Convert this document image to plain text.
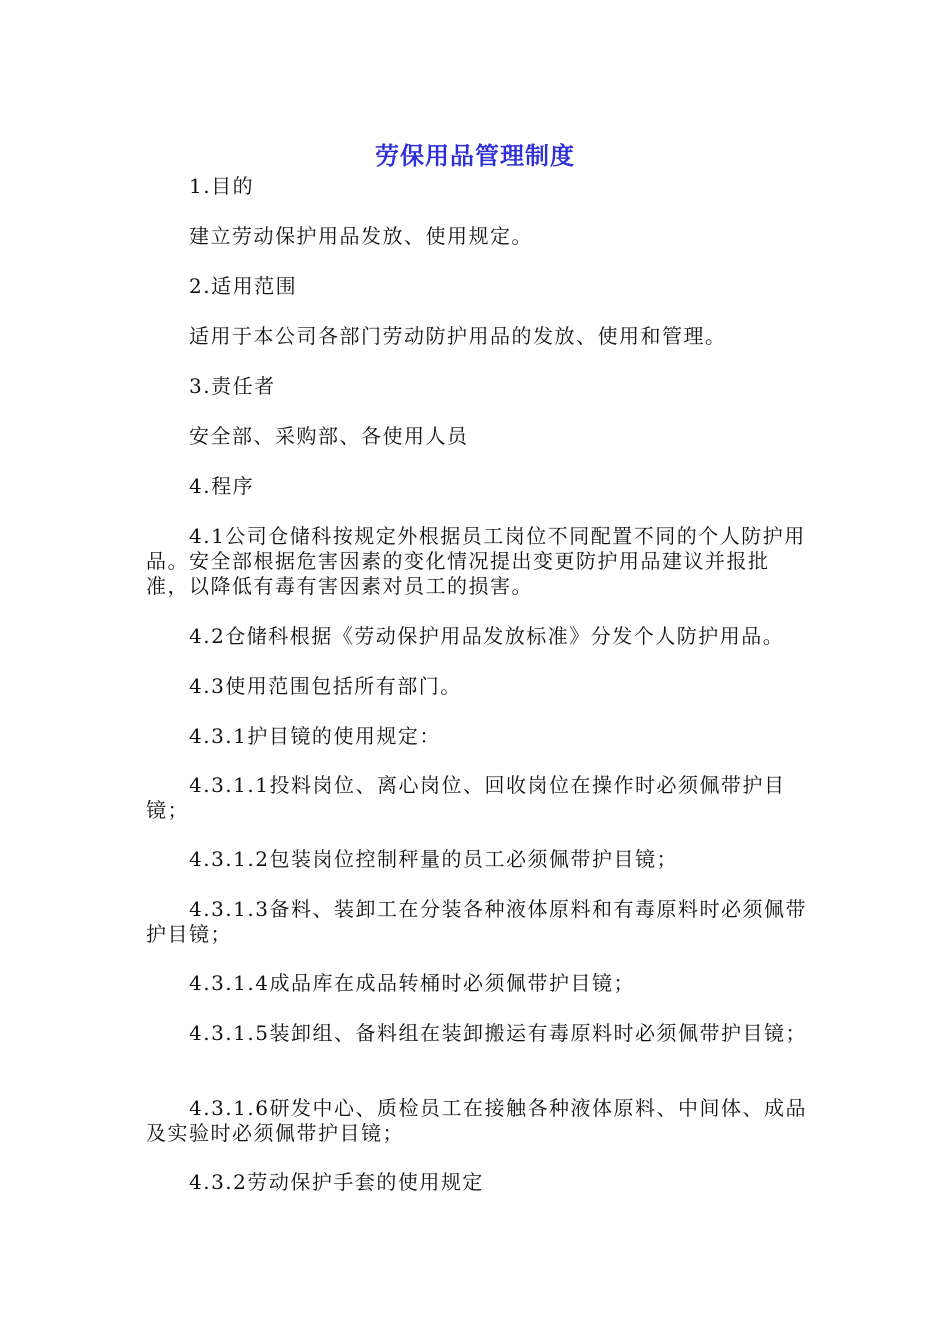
劳保用品管理制度

1.目的

建立劳动保护用品发放、使用规定。

2.适用范围

适用于本公司各部门劳动防护用品的发放、使用和管理。

3.责任者

安全部、采购部、各使用人员

4.程序

4.1公司仓储科按规定外根据员工岗位不同配置不同的个人防护用品。安全部根据危害因素的变化情况提出变更防护用品建议并报批准，以降低有毒有害因素对员工的损害。

4.2仓储科根据《劳动保护用品发放标准》分发个人防护用品。

4.3使用范围包括所有部门。

4.3.1护目镜的使用规定：

4.3.1.1投料岗位、离心岗位、回收岗位在操作时必须佩带护目镜；

4.3.1.2包装岗位控制秤量的员工必须佩带护目镜；

4.3.1.3备料、装卸工在分装各种液体原料和有毒原料时必须佩带护目镜；

4.3.1.4成品库在成品转桶时必须佩带护目镜；

4.3.1.5装卸组、备料组在装卸搬运有毒原料时必须佩带护目镜；

4.3.1.6研发中心、质检员工在接触各种液体原料、中间体、成品及实验时必须佩带护目镜；

4.3.2劳动保护手套的使用规定
